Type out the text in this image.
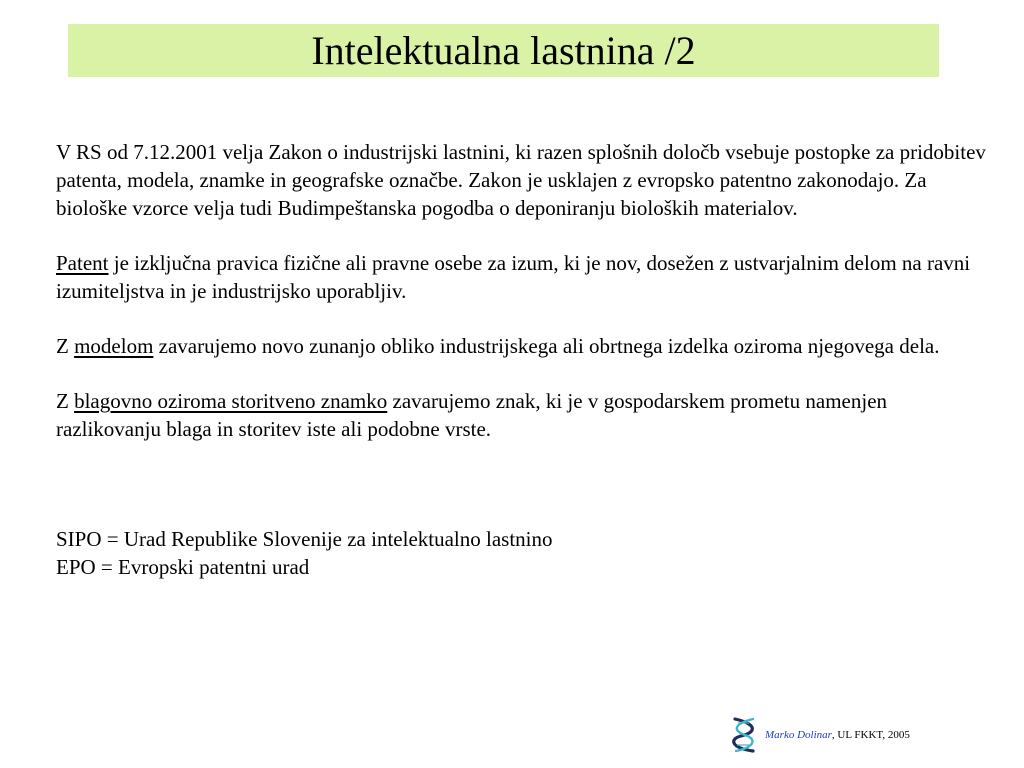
Intelektualna lastnina /2

V RS od 7.12.2001 velja Zakon o industrijski lastnini, ki razen splošnih določb vsebuje postopke za pridobitev patenta, modela, znamke in geografske označbe. Zakon je usklajen z evropsko patentno zakonodajo. Za biološke vzorce velja tudi Budimpeštanska pogodba o deponiranju bioloških materialov.

Patent je izključna pravica fizične ali pravne osebe za izum, ki je nov, dosežen z ustvarjalnim delom na ravni izumiteljstva in je industrijsko uporabljiv.

Z modelom zavarujemo novo zunanjo obliko industrijskega ali obrtnega izdelka oziroma njegovega dela.

Z blagovno oziroma storitveno znamko zavarujemo znak, ki je v gospodarskem prometu namenjen razlikovanju blaga in storitev iste ali podobne vrste.

SIPO = Urad Republike Slovenije za intelektualno lastnino

EPO = Evropski patentni urad

Marko Dolinar , UL FKKT, 2005
